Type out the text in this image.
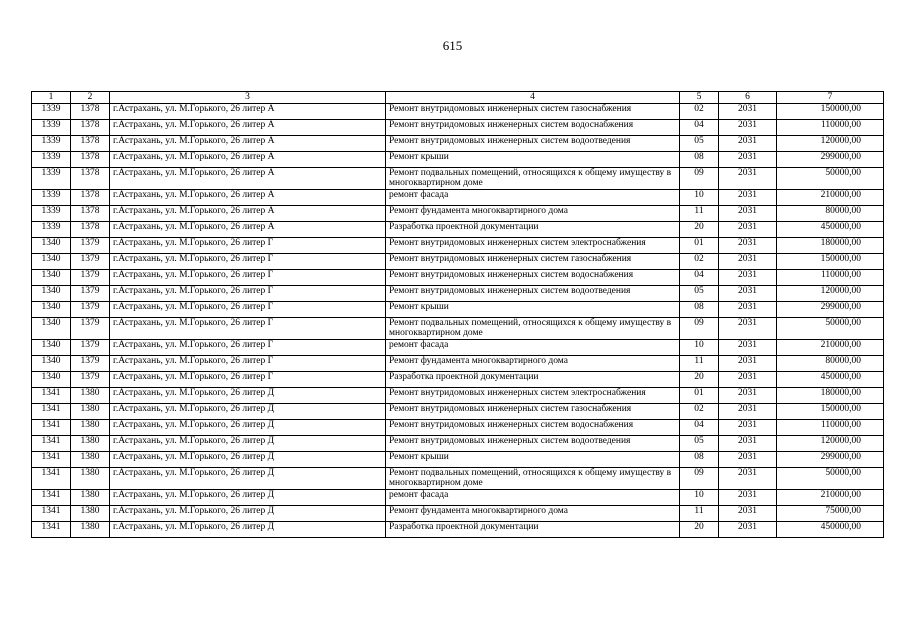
615
1	2	3	4	5	6	7
1339	1378	г.Астрахань, ул. М.Горького, 26 литер А	Ремонт внутридомовых инженерных систем газоснабжения	02	2031	150000,00
1339	1378	г.Астрахань, ул. М.Горького, 26 литер А	Ремонт внутридомовых инженерных систем водоснабжения	04	2031	110000,00
1339	1378	г.Астрахань, ул. М.Горького, 26 литер А	Ремонт внутридомовых инженерных систем водоотведения	05	2031	120000,00
1339	1378	г.Астрахань, ул. М.Горького, 26 литер А	Ремонт крыши	08	2031	299000,00
1339	1378	г.Астрахань, ул. М.Горького, 26 литер А	Ремонт подвальных помещений, относящихся к общему имуществу в многоквартирном доме	09	2031	50000,00
1339	1378	г.Астрахань, ул. М.Горького, 26 литер А	ремонт фасада	10	2031	210000,00
1339	1378	г.Астрахань, ул. М.Горького, 26 литер А	Ремонт фундамента многоквартирного дома	11	2031	80000,00
1339	1378	г.Астрахань, ул. М.Горького, 26 литер А	Разработка проектной документации	20	2031	450000,00
1340	1379	г.Астрахань, ул. М.Горького, 26 литер Г	Ремонт внутридомовых инженерных систем электроснабжения	01	2031	180000,00
1340	1379	г.Астрахань, ул. М.Горького, 26 литер Г	Ремонт внутридомовых инженерных систем газоснабжения	02	2031	150000,00
1340	1379	г.Астрахань, ул. М.Горького, 26 литер Г	Ремонт внутридомовых инженерных систем водоснабжения	04	2031	110000,00
1340	1379	г.Астрахань, ул. М.Горького, 26 литер Г	Ремонт внутридомовых инженерных систем водоотведения	05	2031	120000,00
1340	1379	г.Астрахань, ул. М.Горького, 26 литер Г	Ремонт крыши	08	2031	299000,00
1340	1379	г.Астрахань, ул. М.Горького, 26 литер Г	Ремонт подвальных помещений, относящихся к общему имуществу в многоквартирном доме	09	2031	50000,00
1340	1379	г.Астрахань, ул. М.Горького, 26 литер Г	ремонт фасада	10	2031	210000,00
1340	1379	г.Астрахань, ул. М.Горького, 26 литер Г	Ремонт фундамента многоквартирного дома	11	2031	80000,00
1340	1379	г.Астрахань, ул. М.Горького, 26 литер Г	Разработка проектной документации	20	2031	450000,00
1341	1380	г.Астрахань, ул. М.Горького, 26 литер Д	Ремонт внутридомовых инженерных систем электроснабжения	01	2031	180000,00
1341	1380	г.Астрахань, ул. М.Горького, 26 литер Д	Ремонт внутридомовых инженерных систем газоснабжения	02	2031	150000,00
1341	1380	г.Астрахань, ул. М.Горького, 26 литер Д	Ремонт внутридомовых инженерных систем водоснабжения	04	2031	110000,00
1341	1380	г.Астрахань, ул. М.Горького, 26 литер Д	Ремонт внутридомовых инженерных систем водоотведения	05	2031	120000,00
1341	1380	г.Астрахань, ул. М.Горького, 26 литер Д	Ремонт крыши	08	2031	299000,00
1341	1380	г.Астрахань, ул. М.Горького, 26 литер Д	Ремонт подвальных помещений, относящихся к общему имуществу в многоквартирном доме	09	2031	50000,00
1341	1380	г.Астрахань, ул. М.Горького, 26 литер Д	ремонт фасада	10	2031	210000,00
1341	1380	г.Астрахань, ул. М.Горького, 26 литер Д	Ремонт фундамента многоквартирного дома	11	2031	75000,00
1341	1380	г.Астрахань, ул. М.Горького, 26 литер Д	Разработка проектной документации	20	2031	450000,00
